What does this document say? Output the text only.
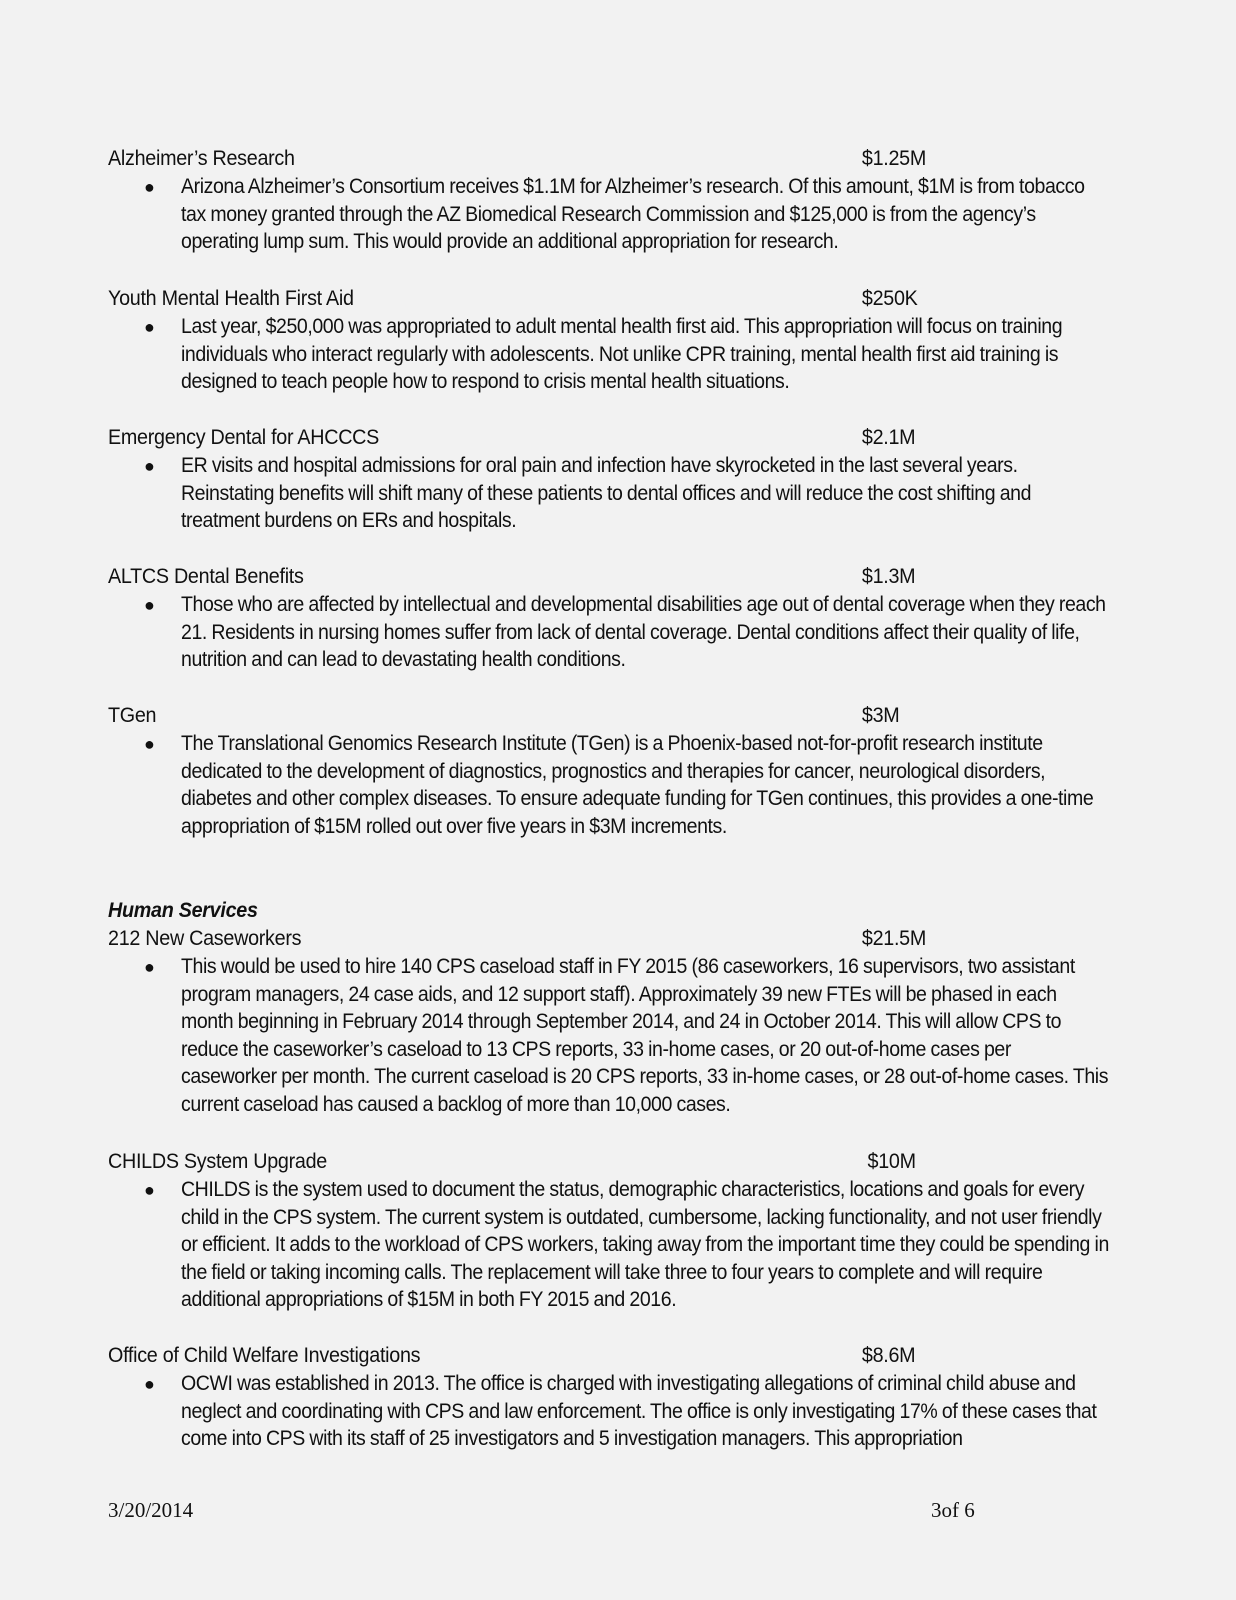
Alzheimer’s Research	$1.25M
● Arizona Alzheimer’s Consortium receives $1.1M for Alzheimer’s research. Of this amount, $1M is from tobacco tax money granted through the AZ Biomedical Research Commission and $125,000 is from the agency’s operating lump sum. This would provide an additional appropriation for research.
Youth Mental Health First Aid	$250K
● Last year, $250,000 was appropriated to adult mental health first aid. This appropriation will focus on training individuals who interact regularly with adolescents. Not unlike CPR training, mental health first aid training is designed to teach people how to respond to crisis mental health situations.
Emergency Dental for AHCCCS	$2.1M
● ER visits and hospital admissions for oral pain and infection have skyrocketed in the last several years. Reinstating benefits will shift many of these patients to dental offices and will reduce the cost shifting and treatment burdens on ERs and hospitals.
ALTCS Dental Benefits	$1.3M
● Those who are affected by intellectual and developmental disabilities age out of dental coverage when they reach 21. Residents in nursing homes suffer from lack of dental coverage. Dental conditions affect their quality of life, nutrition and can lead to devastating health conditions.
TGen	$3M
● The Translational Genomics Research Institute (TGen) is a Phoenix-based not-for-profit research institute dedicated to the development of diagnostics, prognostics and therapies for cancer, neurological disorders, diabetes and other complex diseases. To ensure adequate funding for TGen continues, this provides a one-time appropriation of $15M rolled out over five years in $3M increments.
Human Services
212 New Caseworkers	$21.5M
● This would be used to hire 140 CPS caseload staff in FY 2015 (86 caseworkers, 16 supervisors, two assistant program managers, 24 case aids, and 12 support staff). Approximately 39 new FTEs will be phased in each month beginning in February 2014 through September 2014, and 24 in October 2014. This will allow CPS to reduce the caseworker’s caseload to 13 CPS reports, 33 in-home cases, or 20 out-of-home cases per caseworker per month. The current caseload is 20 CPS reports, 33 in-home cases, or 28 out-of-home cases. This current caseload has caused a backlog of more than 10,000 cases.
CHILDS System Upgrade	$10M
● CHILDS is the system used to document the status, demographic characteristics, locations and goals for every child in the CPS system. The current system is outdated, cumbersome, lacking functionality, and not user friendly or efficient. It adds to the workload of CPS workers, taking away from the important time they could be spending in the field or taking incoming calls. The replacement will take three to four years to complete and will require additional appropriations of $15M in both FY 2015 and 2016.
Office of Child Welfare Investigations	$8.6M
● OCWI was established in 2013. The office is charged with investigating allegations of criminal child abuse and neglect and coordinating with CPS and law enforcement. The office is only investigating 17% of these cases that come into CPS with its staff of 25 investigators and 5 investigation managers. This appropriation
3/20/2014	3of 6
